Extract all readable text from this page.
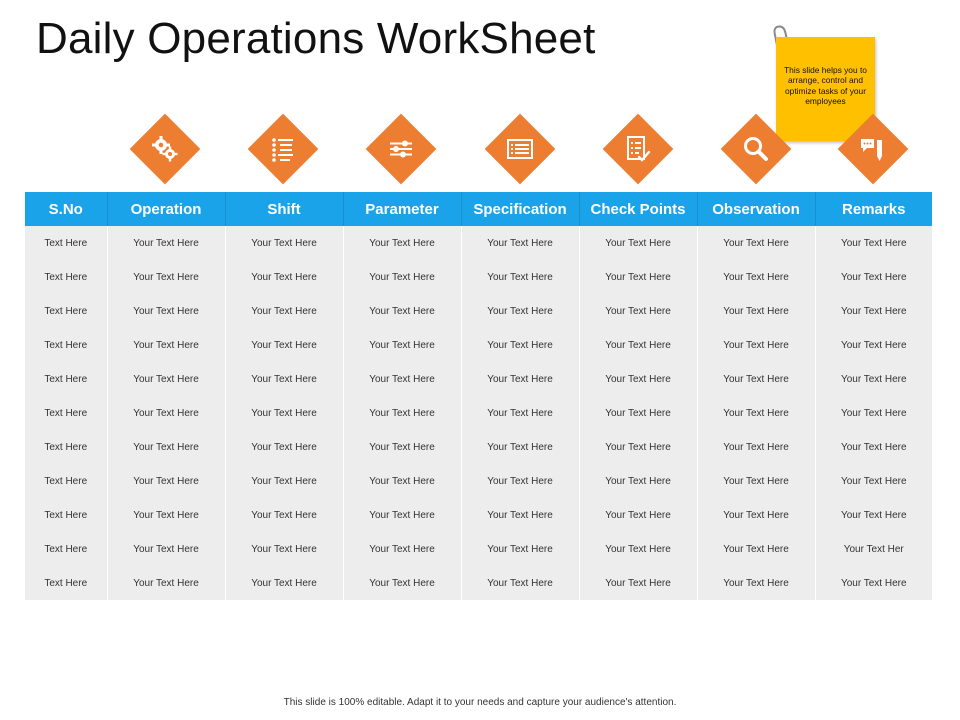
Daily Operations WorkSheet
This slide helps you to arrange, control and optimize tasks of your employees
S.No	Operation	Shift	Parameter	Specification	Check Points	Observation	Remarks
Text Here	Your Text Here	Your Text Here	Your Text Here	Your Text Here	Your Text Here	Your Text Here	Your Text Here
Text Here	Your Text Here	Your Text Here	Your Text Here	Your Text Here	Your Text Here	Your Text Here	Your Text Here
Text Here	Your Text Here	Your Text Here	Your Text Here	Your Text Here	Your Text Here	Your Text Here	Your Text Here
Text Here	Your Text Here	Your Text Here	Your Text Here	Your Text Here	Your Text Here	Your Text Here	Your Text Here
Text Here	Your Text Here	Your Text Here	Your Text Here	Your Text Here	Your Text Here	Your Text Here	Your Text Here
Text Here	Your Text Here	Your Text Here	Your Text Here	Your Text Here	Your Text Here	Your Text Here	Your Text Here
Text Here	Your Text Here	Your Text Here	Your Text Here	Your Text Here	Your Text Here	Your Text Here	Your Text Here
Text Here	Your Text Here	Your Text Here	Your Text Here	Your Text Here	Your Text Here	Your Text Here	Your Text Here
Text Here	Your Text Here	Your Text Here	Your Text Here	Your Text Here	Your Text Here	Your Text Here	Your Text Here
Text Here	Your Text Here	Your Text Here	Your Text Here	Your Text Here	Your Text Here	Your Text Here	Your Text Her
Text Here	Your Text Here	Your Text Here	Your Text Here	Your Text Here	Your Text Here	Your Text Here	Your Text Here
This slide is 100% editable. Adapt it to your needs and capture your audience's attention.
